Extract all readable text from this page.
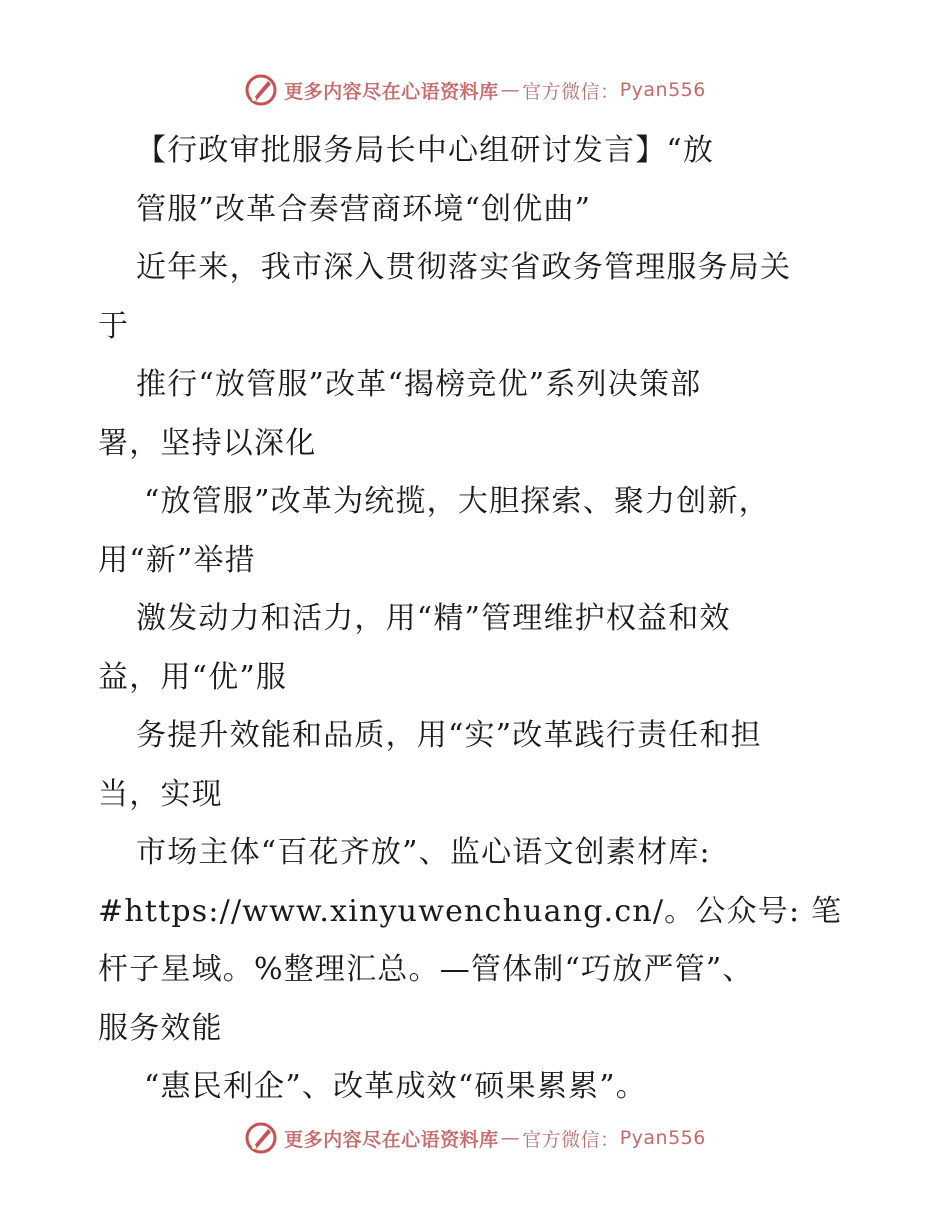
更多内容尽在心语资料库 — 官方微信： Pyan556
【行政审批服务局长中心组研讨发言】“放
管服”改革合奏营商环境“创优曲”
近年来，我市深入贯彻落实省政务管理服务局关
于
推行“放管服”改革“揭榜竞优”系列决策部
署，坚持以深化
“放管服”改革为统揽，大胆探索、聚力创新，
用“新”举措
激发动力和活力，用“精”管理维护权益和效
益，用“优”服
务提升效能和品质，用“实”改革践行责任和担
当，实现
市场主体“百花齐放”、监心语文创素材库:
#https://www.xinyuwenchuang.cn/。公众号: 笔
杆子星域。%整理汇总。—管体制“巧放严管”、
服务效能
“惠民利企”、改革成效“硕果累累”。
更多内容尽在心语资料库 — 官方微信： Pyan556
